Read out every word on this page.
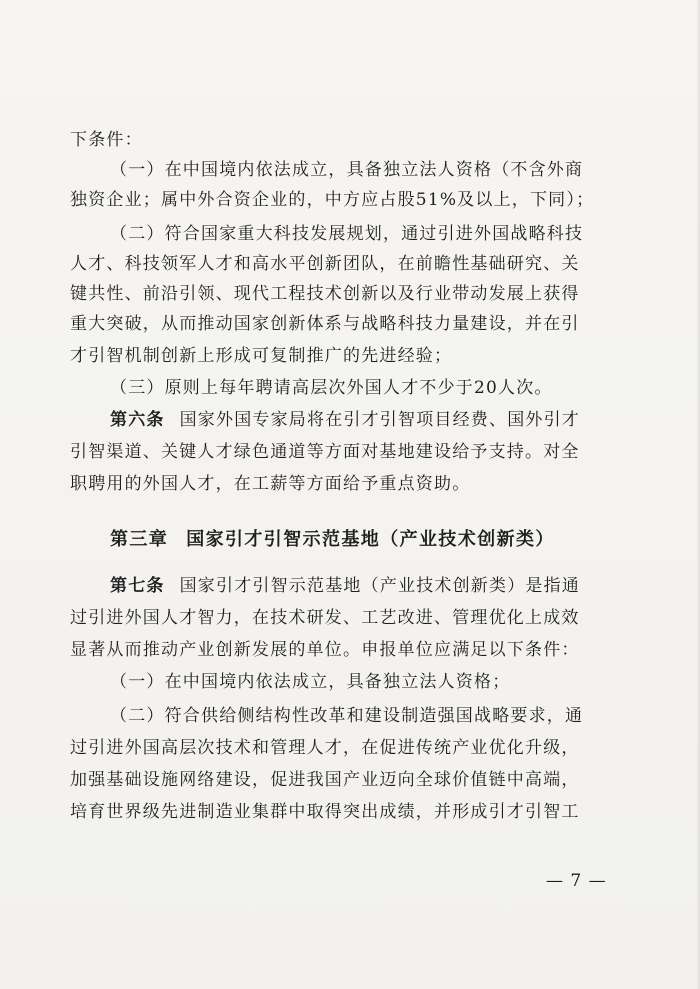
下条件：
（一）在中国境内依法成立，具备独立法人资格（不含外商
独资企业；属中外合资企业的，中方应占股51%及以上，下同）；
（二）符合国家重大科技发展规划，通过引进外国战略科技
人才、科技领军人才和高水平创新团队，在前瞻性基础研究、关
键共性、前沿引领、现代工程技术创新以及行业带动发展上获得
重大突破，从而推动国家创新体系与战略科技力量建设，并在引
才引智机制创新上形成可复制推广的先进经验；
（三）原则上每年聘请高层次外国人才不少于20人次。
第六条 国家外国专家局将在引才引智项目经费、国外引才
引智渠道、关键人才绿色通道等方面对基地建设给予支持。对全
职聘用的外国人才，在工薪等方面给予重点资助。
第三章 国家引才引智示范基地（产业技术创新类）
第七条 国家引才引智示范基地（产业技术创新类）是指通
过引进外国人才智力，在技术研发、工艺改进、管理优化上成效
显著从而推动产业创新发展的单位。申报单位应满足以下条件：
（一）在中国境内依法成立，具备独立法人资格；
（二）符合供给侧结构性改革和建设制造强国战略要求，通
过引进外国高层次技术和管理人才，在促进传统产业优化升级，
加强基础设施网络建设，促进我国产业迈向全球价值链中高端，
培育世界级先进制造业集群中取得突出成绩，并形成引才引智工
— 7 —
